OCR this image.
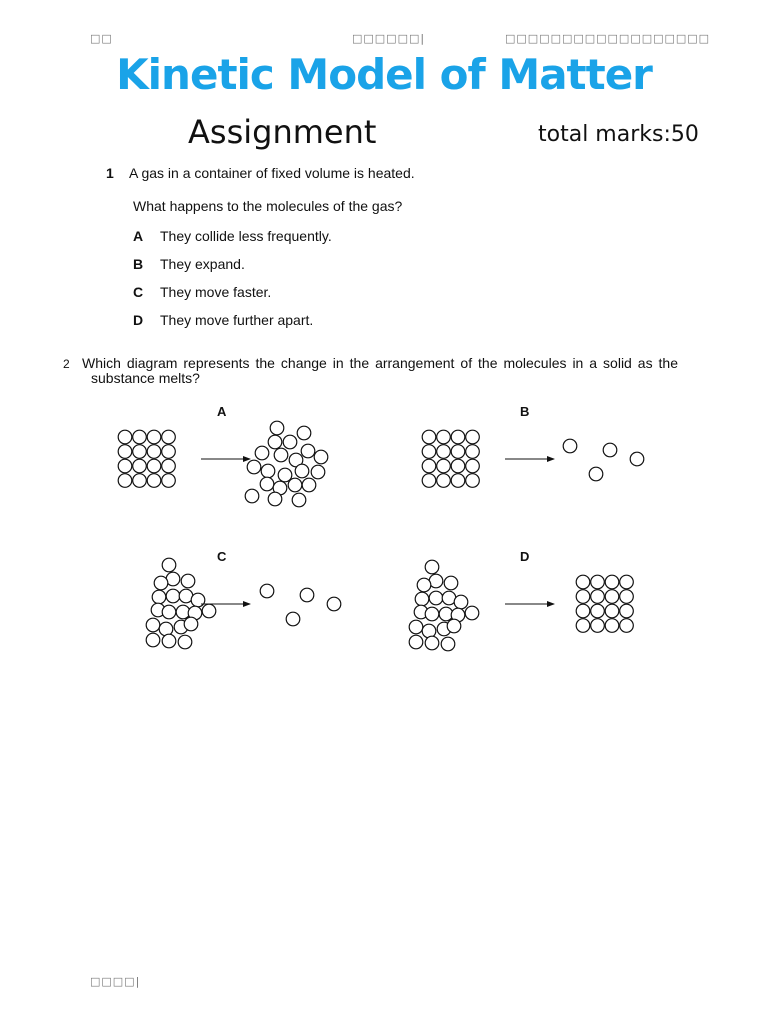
□□	□□□□□□|	□□□□□□□□□□□□□□□□□□
Kinetic Model of Matter
Assignment	total marks:50
1 A gas in a container of fixed volume is heated.
What happens to the molecules of the gas?
A They collide less frequently.
B They expand.
C They move faster.
D They move further apart.
2 Which diagram represents the change in the arrangement of the molecules in a solid as the
substance melts?
A	B
C	D
□□□□|
